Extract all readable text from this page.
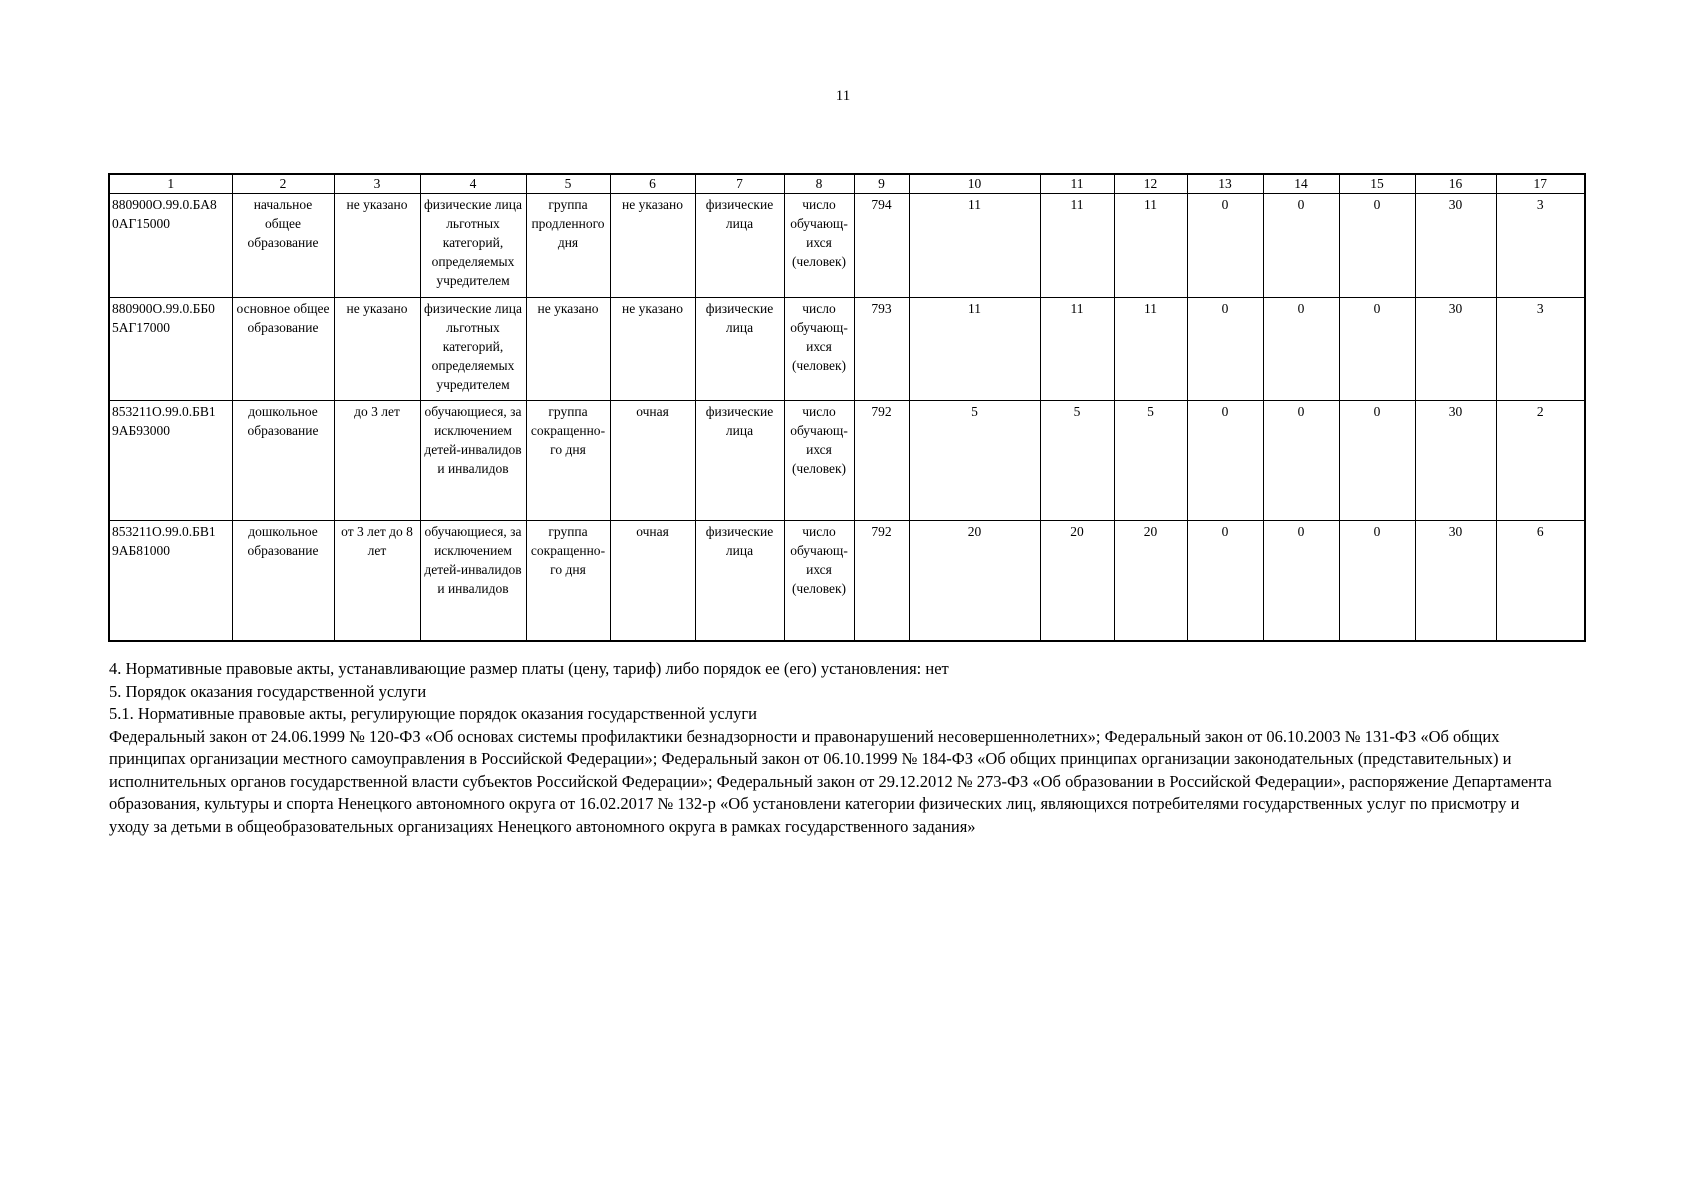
11
1	2	3	4	5	6	7	8	9	10	11	12	13	14	15	16	17
880900О.99.0.БА8 0АГ15000	начальное общее образование	не указано	физические лица льготных категорий, определяемых учредителем	группа продленного дня	не указано	физические лица	число обучающихся (человек)	794	11	11	11	0	0	0	30	3
880900О.99.0.ББ0 5АГ17000	основное общее образование	не указано	физические лица льготных категорий, определяемых учредителем	не указано	не указано	физические лица	число обучающихся (человек)	793	11	11	11	0	0	0	30	3
853211О.99.0.БВ1 9АБ93000	дошкольное образование	до 3 лет	обучающиеся, за исключением детей-инвалидов и инвалидов	группа сокращенного дня	очная	физические лица	число обучающихся (человек)	792	5	5	5	0	0	0	30	2
853211О.99.0.БВ1 9АБ81000	дошкольное образование	от 3 лет до 8 лет	обучающиеся, за исключением детей-инвалидов и инвалидов	группа сокращенного дня	очная	физические лица	число обучающихся (человек)	792	20	20	20	0	0	0	30	6

4. Нормативные правовые акты, устанавливающие размер платы (цену, тариф) либо порядок ее (его) установления: нет

5. Порядок оказания государственной услуги

5.1. Нормативные правовые акты, регулирующие порядок оказания государственной услуги

Федеральный закон от 24.06.1999 № 120-ФЗ «Об основах системы профилактики безнадзорности и правонарушений несовершеннолетних»; Федеральный закон от 06.10.2003 № 131-ФЗ «Об общих принципах организации местного самоуправления в Российской Федерации»; Федеральный закон от 06.10.1999 № 184-ФЗ «Об общих принципах организации законодательных (представительных) и исполнительных органов государственной власти субъектов Российской Федерации»; Федеральный закон от 29.12.2012 № 273-ФЗ «Об образовании в Российской Федерации», распоряжение Департамента образования, культуры и спорта Ненецкого автономного округа от 16.02.2017 № 132-р «Об установлени категории физических лиц, являющихся потребителями государственных услуг по присмотру и уходу за детьми в общеобразовательных организациях Ненецкого автономного округа в рамках государственного задания»
